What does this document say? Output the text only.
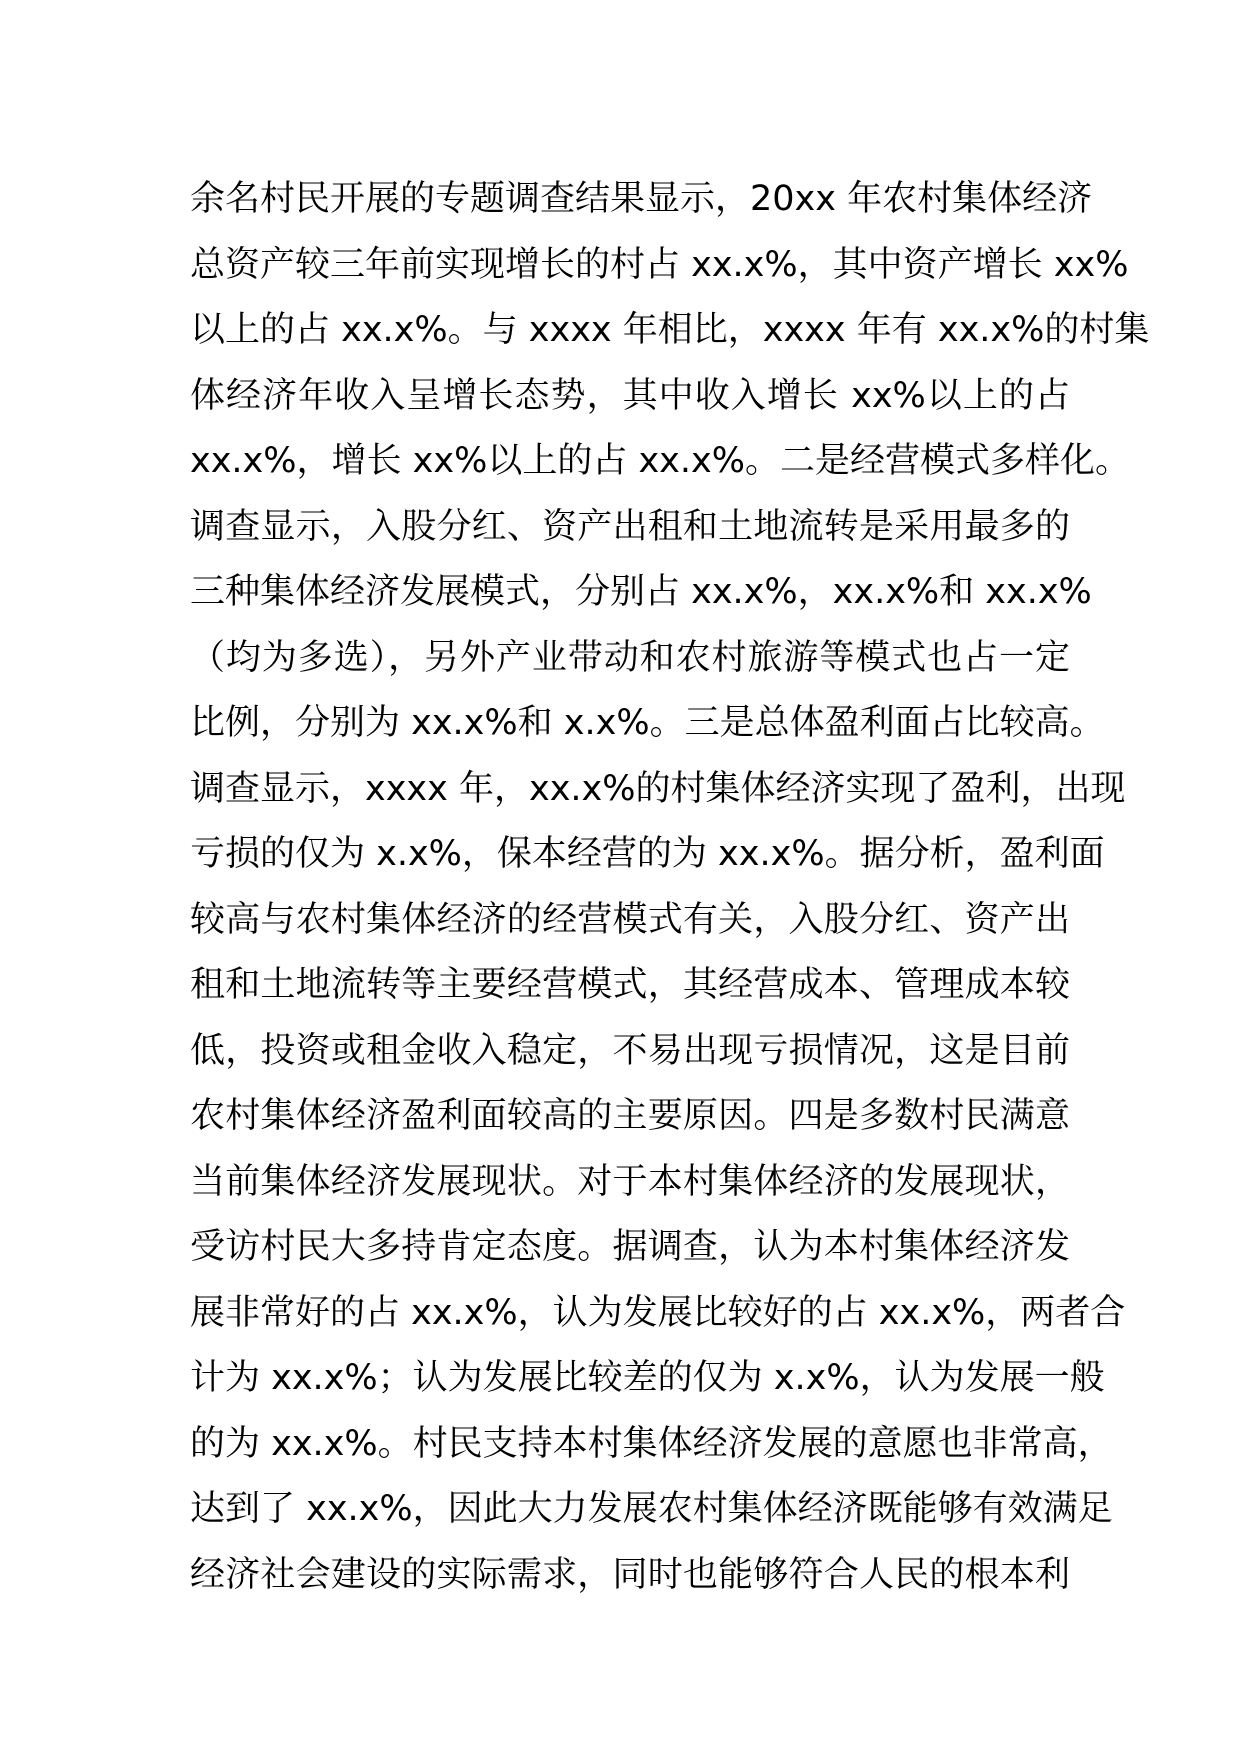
余名村民开展的专题调查结果显示，20xx 年农村集体经济
总资产较三年前实现增长的村占 xx.x%，其中资产增长 xx%
以上的占 xx.x%。与 xxxx 年相比，xxxx 年有 xx.x%的村集
体经济年收入呈增长态势，其中收入增长 xx%以上的占
xx.x%，增长 xx%以上的占 xx.x%。二是经营模式多样化。
调查显示，入股分红、资产出租和土地流转是采用最多的
三种集体经济发展模式，分别占 xx.x%，xx.x%和 xx.x%
（均为多选），另外产业带动和农村旅游等模式也占一定
比例，分别为 xx.x%和 x.x%。三是总体盈利面占比较高。
调查显示，xxxx 年，xx.x%的村集体经济实现了盈利，出现
亏损的仅为 x.x%，保本经营的为 xx.x%。据分析，盈利面
较高与农村集体经济的经营模式有关，入股分红、资产出
租和土地流转等主要经营模式，其经营成本、管理成本较
低，投资或租金收入稳定，不易出现亏损情况，这是目前
农村集体经济盈利面较高的主要原因。四是多数村民满意
当前集体经济发展现状。对于本村集体经济的发展现状，
受访村民大多持肯定态度。据调查，认为本村集体经济发
展非常好的占 xx.x%，认为发展比较好的占 xx.x%，两者合
计为 xx.x%；认为发展比较差的仅为 x.x%，认为发展一般
的为 xx.x%。村民支持本村集体经济发展的意愿也非常高，
达到了 xx.x%，因此大力发展农村集体经济既能够有效满足
经济社会建设的实际需求，同时也能够符合人民的根本利
